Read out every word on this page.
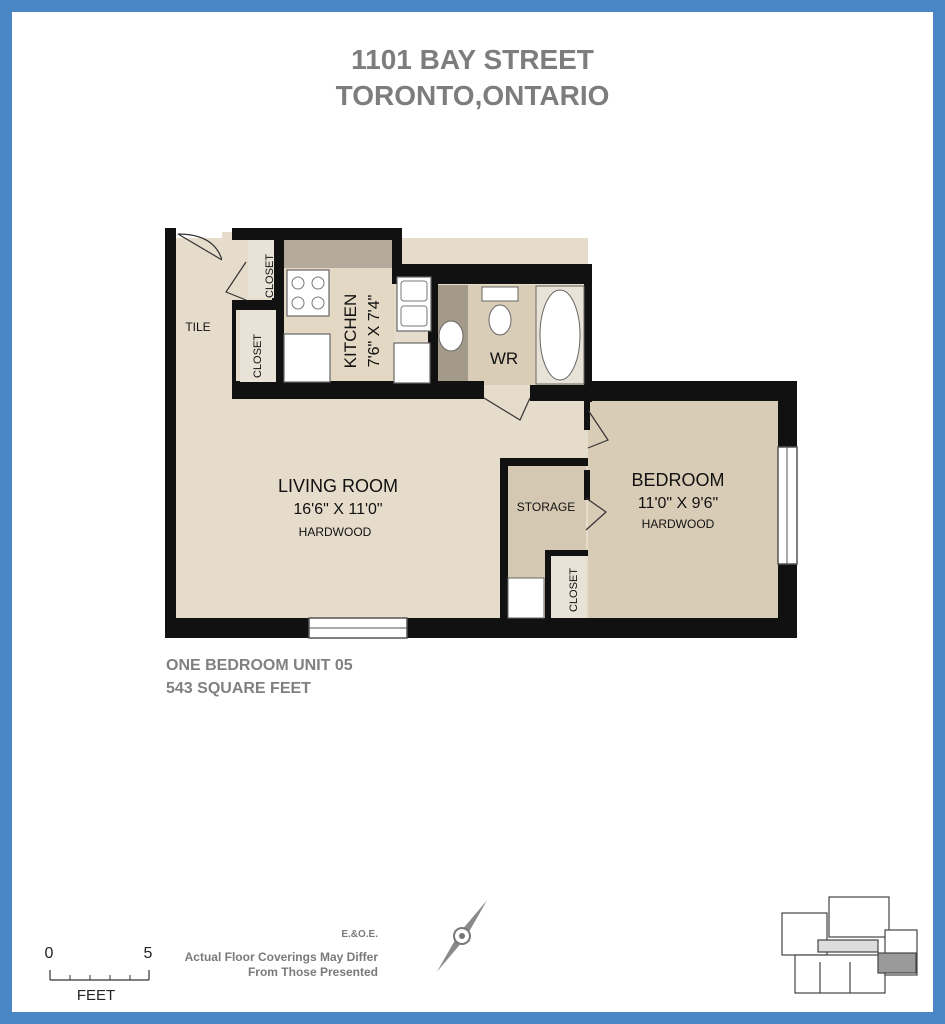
1101 BAY STREET
TORONTO,ONTARIO
LIVING ROOM
16'6" X 11'0"
HARDWOOD
BEDROOM
11'0" X 9'6"
HARDWOOD
STORAGE
WR
TILE	KITCHEN 7'6" X 7'4"
CLOSET
CLOSET
CLOSET
0	5
FEET
ONE BEDROOM UNIT 05
543 SQUARE FEET
E.&O.E.
Actual Floor Coverings May Differ
From Those Presented
